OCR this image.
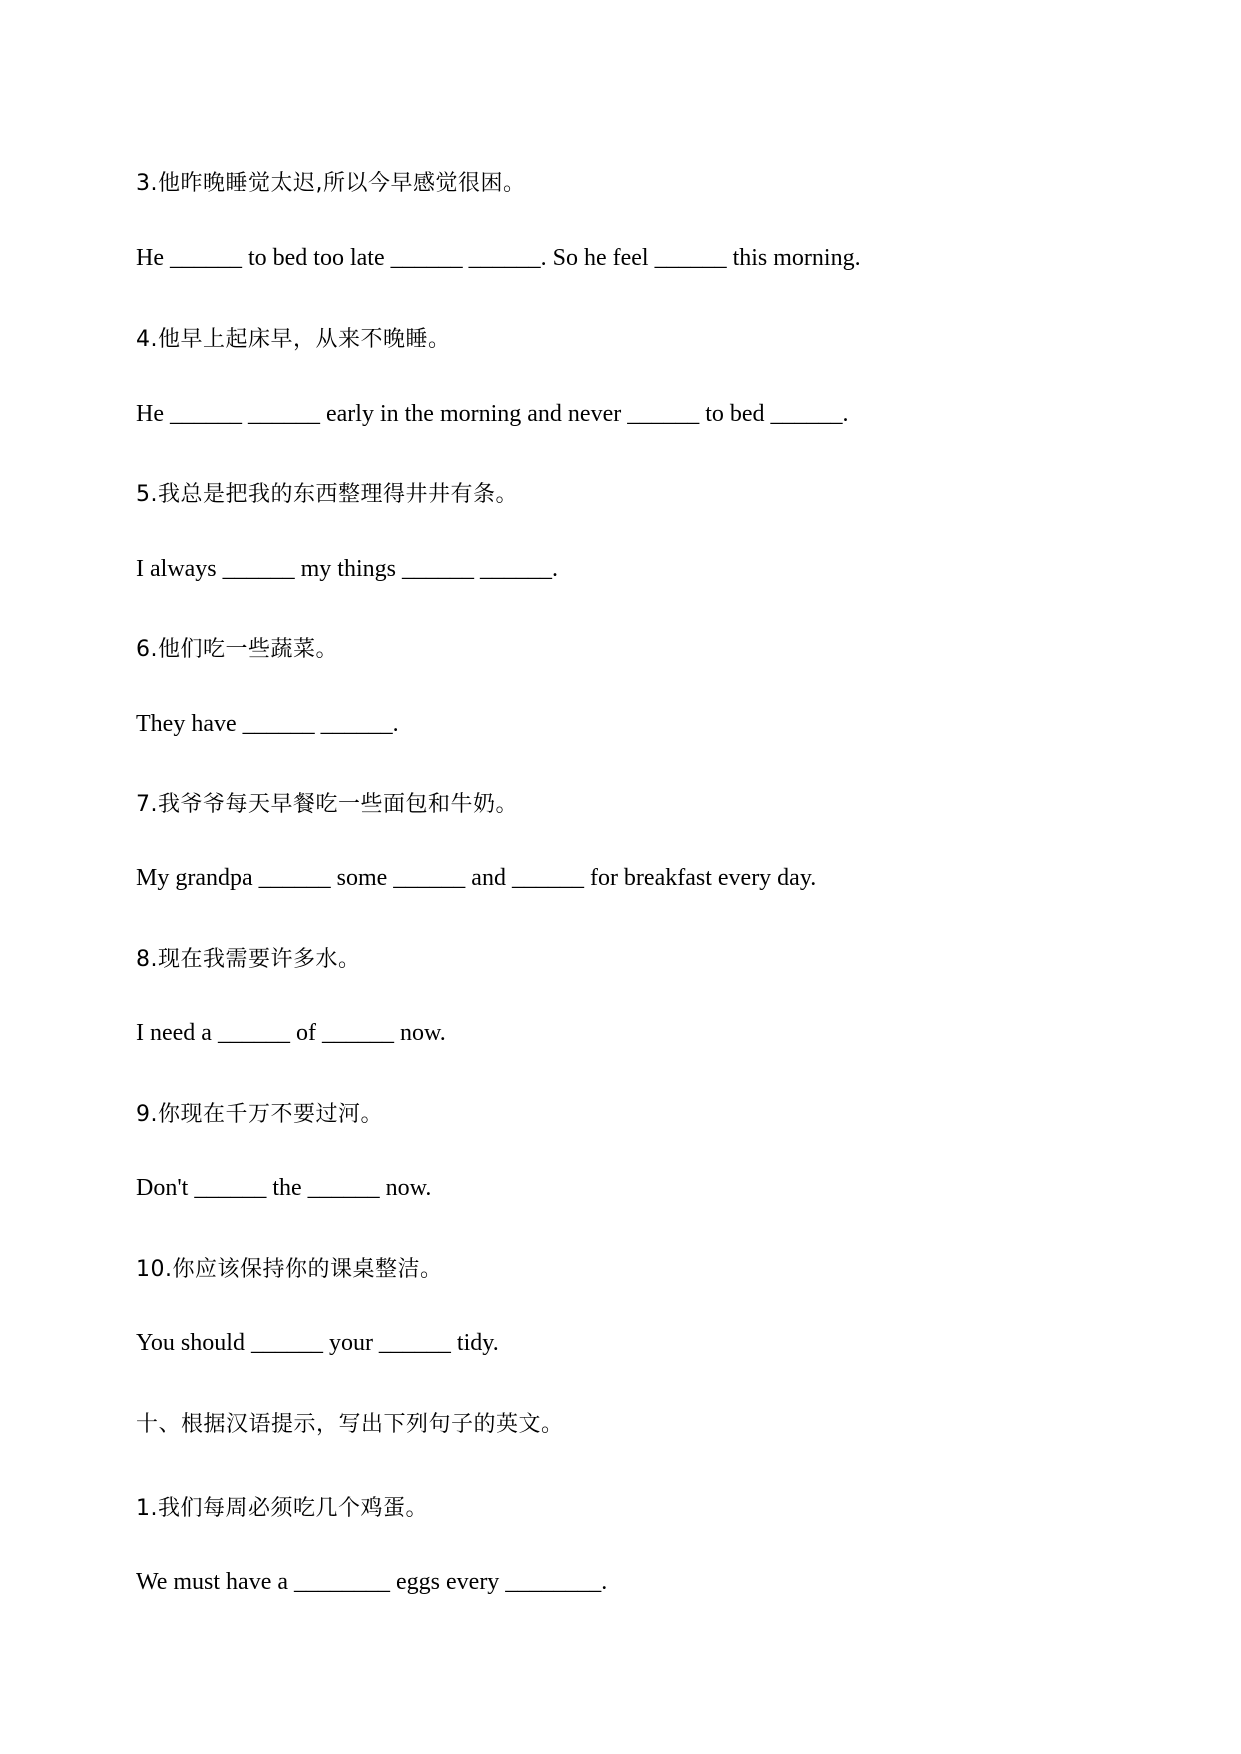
3.他昨晚睡觉太迟,所以今早感觉很困。

He ______ to bed too late ______ ______. So he feel ______ this morning.

4.他早上起床早，从来不晚睡。

He ______ ______ early in the morning and never ______ to bed ______.

5.我总是把我的东西整理得井井有条。

I always ______ my things ______ ______.

6.他们吃一些蔬菜。

They have ______ ______.

7.我爷爷每天早餐吃一些面包和牛奶。

My grandpa ______ some ______ and ______ for breakfast every day.

8.现在我需要许多水。

I need a ______ of ______ now.

9.你现在千万不要过河。

Don't ______ the ______ now.

10.你应该保持你的课桌整洁。

You should ______ your ______ tidy.

十、根据汉语提示，写出下列句子的英文。

1.我们每周必须吃几个鸡蛋。

We must have a ________ eggs every ________.
